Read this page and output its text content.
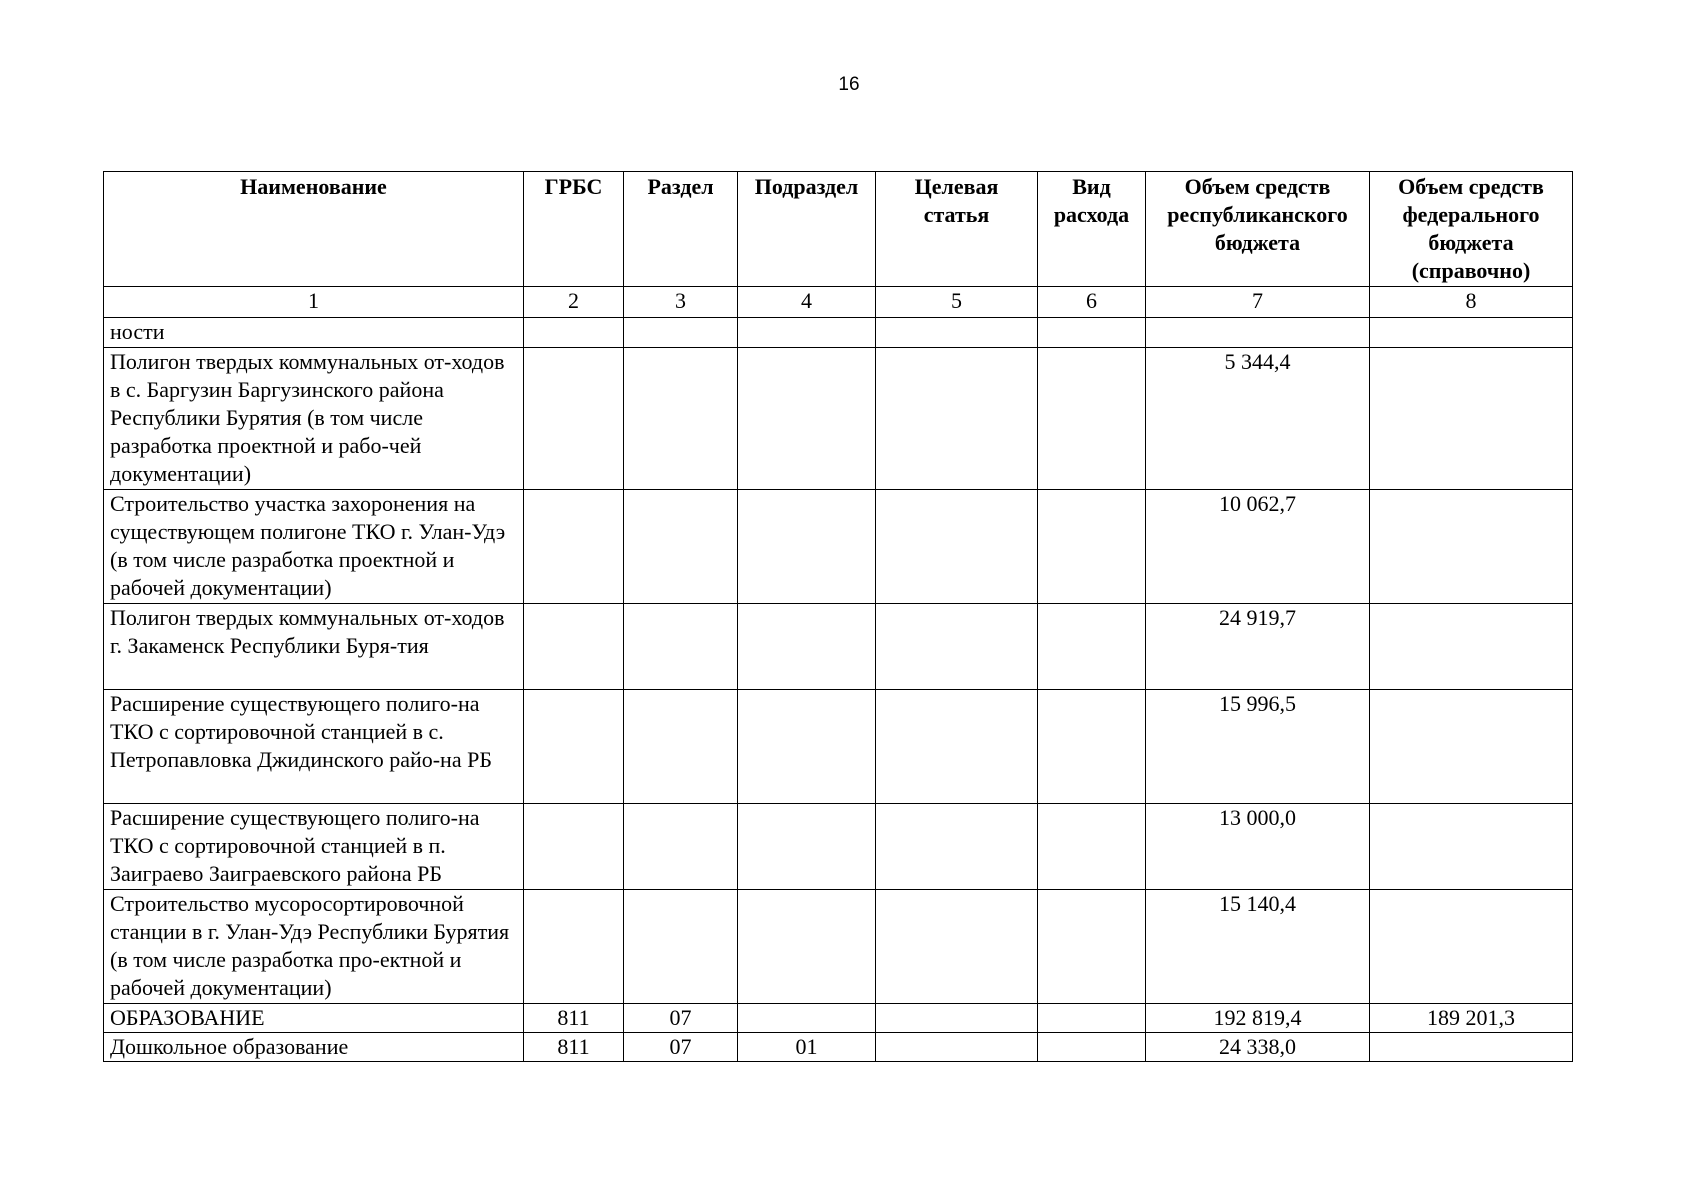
16
Наименование	ГРБС	Раздел	Подраздел	Целевая статья	Вид расхода	Объем средств республиканского бюджета	Объем средств федерального бюджета (справочно)
1	2	3	4	5	6	7	8
ности							
Полигон твердых коммунальных от-ходов в с. Баргузин Баргузинского района Республики Бурятия (в том числе разработка проектной и рабо-чей документации)						5 344,4	
Строительство участка захоронения на существующем полигоне ТКО г. Улан-Удэ (в том числе разработка проектной и рабочей документации)						10 062,7	
Полигон твердых коммунальных от-ходов г. Закаменск Республики Буря-тия						24 919,7	
Расширение существующего полиго-на ТКО с сортировочной станцией в с. Петропавловка Джидинского райо-на РБ						15 996,5	
Расширение существующего полиго-на ТКО с сортировочной станцией в п. Заиграево Заиграевского района РБ						13 000,0	
Строительство мусоросортировочной станции в г. Улан-Удэ Республики Бурятия (в том числе разработка про-ектной и рабочей документации)						15 140,4	
ОБРАЗОВАНИЕ	811	07				192 819,4	189 201,3
Дошкольное образование	811	07	01			24 338,0	
